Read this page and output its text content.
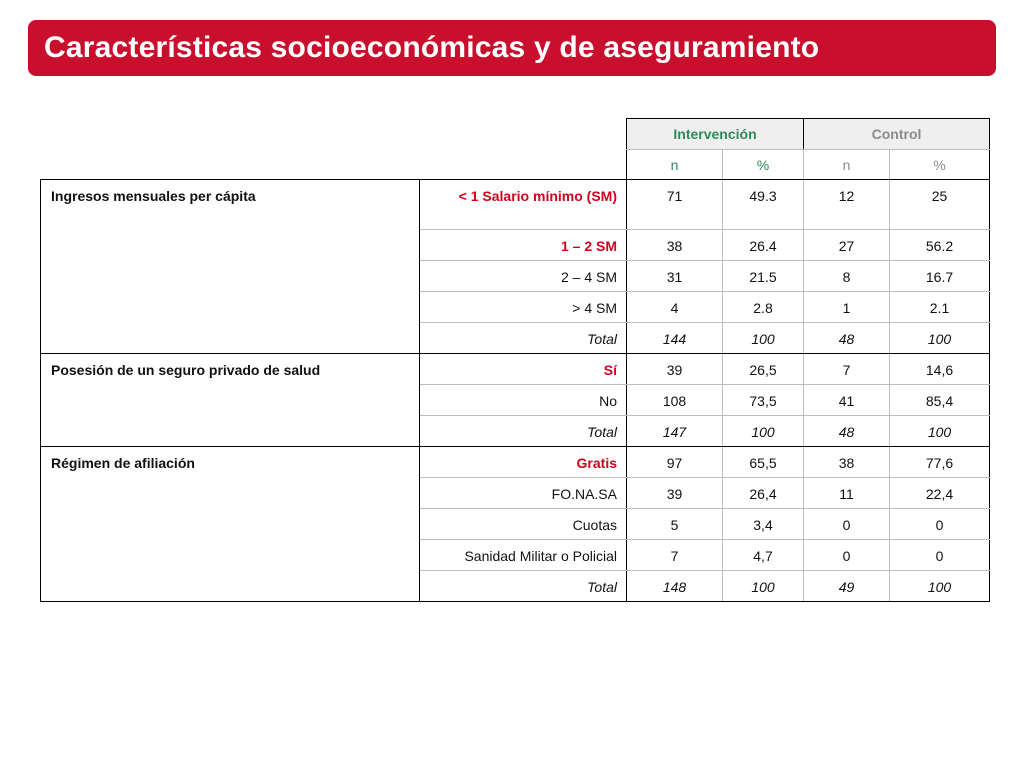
Características socioeconómicas y de aseguramiento
		Intervención		Control	
		n	%	n	%
Ingresos mensuales per cápita	< 1 Salario mínimo (SM)	71	49.3	12	25
	1 – 2 SM	38	26.4	27	56.2
	2 – 4 SM	31	21.5	8	16.7
	> 4 SM	4	2.8	1	2.1
	Total	144	100	48	100
Posesión de un seguro privado de salud	Sí	39	26,5	7	14,6
	No	108	73,5	41	85,4
	Total	147	100	48	100
Régimen de afiliación	Gratis	97	65,5	38	77,6
	FO.NA.SA	39	26,4	11	22,4
	Cuotas	5	3,4	0	0
	Sanidad Militar o Policial	7	4,7	0	0
	Total	148	100	49	100
